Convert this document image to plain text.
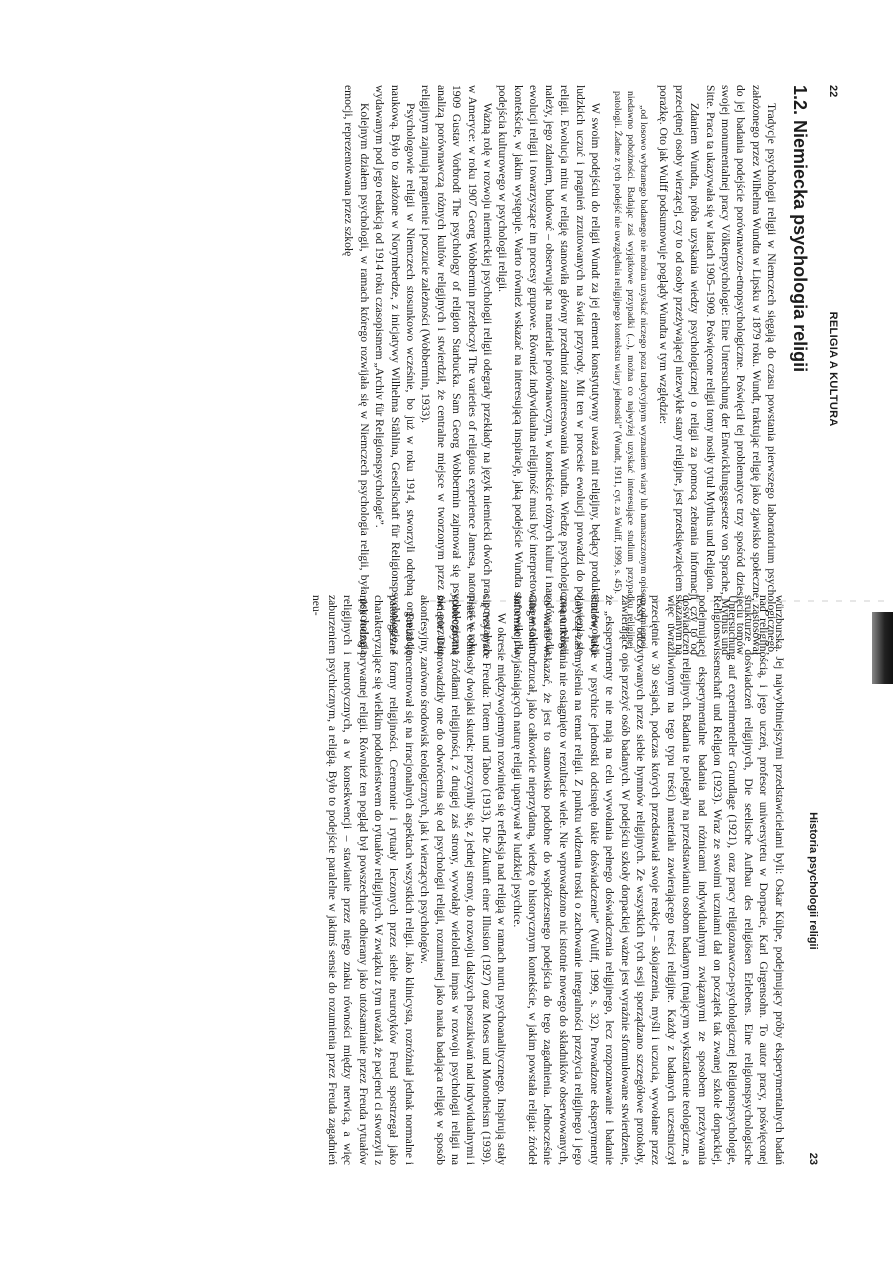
22
RELIGIA A KULTURA
1.2. Niemiecka psychologia religii

Tradycje psychologii religii w Niemczech sięgają do czasu powstania pierwszego laboratorium psychologicznego, założonego przez Wilhelma Wundta w Lipsku w 1879 roku. Wundt, traktując religię jako zjawisko społeczne, zastosował do jej badania podejście porównawczo-etnopsychologiczne. Poświęcił tej problematyce trzy spośród dziesięciu tomów swojej monumentalnej pracy Völkerpsychologie: Eine Untersuchung der Entwicklungsgesetze von Sprache, Mythus und Sitte. Praca ta ukazywała się w latach 1905–1909. Poświęcone religii tomy nosiły tytuł Mythus und Religion.

Zdaniem Wundta, próba uzyskania wiedzy psychologicznej o religii za pomocą zebrania informacji czy to od przeciętnej osoby wierzącej, czy to od osoby przeżywającej niezwykłe stany religijne, jest przedsięwzięciem skazanym na porażkę. Oto jak Wulff podsumowuje poglądy Wundta w tym względzie:

„od losowo wybranego badanego nie można uzyskać niczego poza tradycyjnym wyznaniem wiary lub namaszczonym opisem odmiennej niedawno pobożności. Badając zaś wyjątkowe przypadki (...), można co najwyżej uzyskać interesujące studium przypadku religijnej patologii. Żadne z tych podejść nie uwzględnia religijnego kontekstu wiary jednostki” (Wundt, 1911, cyt. za Wulff, 1999, s. 45).

W swoim podejściu do religii Wundt za jej element konstytutywny uważa mit religijny, będący produktem ewolucji ludzkich uczuć i pragnień zrzutowanych na świat przyrody. Mit ten w procesie ewolucji prowadzi do pojawienia się religii. Ewolucja mitu w religię stanowiła główny przedmiot zainteresowania Wundta. Wiedzę psychologiczną o religii należy, jego zdaniem, budować – obserwując na materiale porównawczym, w kontekście różnych kultur i narodów, stadia ewolucji religii i towarzyszące im procesy grupowe. Również indywidualna religijność musi być interpretowana w takim kontekście, w jakim występuje. Warto również wskazać na interesującą inspirację, jaką podejście Wundta stanowiło dla podejścia kulturowego w psychologii religii.

Ważną rolę w rozwoju niemieckiej psychologii religii odegrały przekłady na język niemiecki dwóch prac powstałych w Ameryce: w roku 1907 Georg Wobbermin przetłoczył The varieties of religious experience Jamesa, natomiast w roku 1909 Gustav Vorbrodt The psychology of religion Starbucka. Sam Georg Wobbermin zajmował się psychologiczną analizą porównawczą różnych kultów religijnych i stwierdził, że centralne miejsce w tworzonym przez nie porzuciu religijnym zajmują pragnienie i poczucie zależności (Wobbermin, 1933).

Psychologowie religii w Niemczech stosunkowo wcześnie, bo już w roku 1914, stworzyli odrębną organizację naukową. Było to założone w Norymberdze, z inicjatywy Wilhelma Stählina, Gesellschaft für Religionspsychologie, z wydawanym pod jego redakcją od 1914 roku czasopismem „Archiv für Religionspsychologie”.

Kolejnym działem psychologii, w ramach którego rozwijała się w Niemczech psychologia religii, była psychologia emocji, reprezentowana przez szkołę

Historia psychologii religii
23

würzburską. Jej najwybitniejszymi przedstawicielami byli: Oskar Külpe, podejmujący próby eksperymentalnych badań nad religijnością, i jego uczeń, profesor uniwersytetu w Dorpacie, Karl Girgensohn. To autor pracy, poświęconej strukturze doświadczeń religijnych, Die seelische Aufbau des religiösen Erlebens. Eine religionspsychologische Untersuchung auf experimenteller Grundlage (1921), oraz pracy religioznawczo-psychologicznej Religionspsychologie, Religionswissenschaft und Religion (1923). Wraz ze swoimi uczniami dał on początek tak zwanej szkole dorpackiej, podejmującej eksperymentalne badania nad różnicami indywidualnymi związanymi ze sposobem przeżywania doświadczeń religijnych. Badania te polegały na przedstawianiu osobom badanym (mającym wykształcenie teologiczne, a więc uwrażliwionym na tego typu treści) materiału zawierającego treści religijne. Każdy z badanych uczestniczył przeciętnie w 30 sesjach, podczas których przedstawiał swoje reakcje – skojarzenia, myśli i uczucia, wywołane przez teksty odczytywanych przez siebie hymnów religijnych. Ze wszystkich tych sesji sporządzano szczegółowe protokoły, zawierające opis przeżyć osób badanych. W podejściu szkoły dorpackiej ważne jest wyraźnie sformułowane stwierdzenie, że „eksperymenty te nie mają na celu wywołania pełnego doświadczenia religijnego, lecz rozpoznawanie i badanie śladów, jakie w psychice jednostki odcisnęło takie doświadczenie” (Wulff, 1999, s. 32). Prowadzone eksperymenty dotyczą zaś myślenia na temat religii. Z punktu widzenia troski o zachowanie integralności przeżycia religijnego i jego uwarunkowania nie osiągnięto w rezultacie wiele. Nie wprowadzono nic istotnie nowego do składników obserwowanych, co warto wskazać, że jest to stanowisko podobne do współczesnego podejścia do tego zagadnienia. Jednocześnie Girgensohn odrzucał, jako całkowicie nieprzydatną, wiedzę o historycznym kontekście, w jakim powstała religia: źródeł informacji wyjaśniających naturę religii upatrywał w ludzkiej psychice.

W okresie międzywojennym rozwinięta się refleksja nad religią w ramach nurtu psychoanalitycznego. Inspirują stały się trzy prace Freuda: Totem und Taboo (1913), Die Zukunft einer Illusion (1927) oraz Moses und Monotheism (1939). Prace te odniosły dwojaki skutek: przyczyniły się, z jednej strony, do rozwoju dalszych poszukiwań nad indywidualnymi i społecznymi źródłami religijności, z drugiej zaś strony, wywołały wieloletni impas w rozwoju psychologii religii na świecie. Doprowadziły one do odwrócenia się od psychologii religii, rozumianej jako nauka badająca religię w sposób akonfesyjny, zarówno środowisk teologicznych, jak i wierzących psychologów.

Freud koncentrował się na irracjonalnych aspektach wszystkich religii. Jako klinicysta, rozróżniał jednak normalne i patologiczne formy religijności. Ceremonie i rytuały leczonych przez siebie neurotyków Freud spostrzegał jako charakteryzujące się wielkim podobieństwem do rytuałów religijnych. W związku z tym uważał, że pacjenci ci stworzyli z nich rodzaj prywatnej religii. Również ten pogląd był powszechnie odbierany jako utożsamianie przez Freuda rytuałów religijnych i neurotycznych, a w konsekwencji – stawianie przez niego znaku równości między nerwicą, a więc zaburzeniem psychicznym, a religią. Było to podejście paralelne w jakimś sensie do rozumienia przez Freuda zagadnień neu-
